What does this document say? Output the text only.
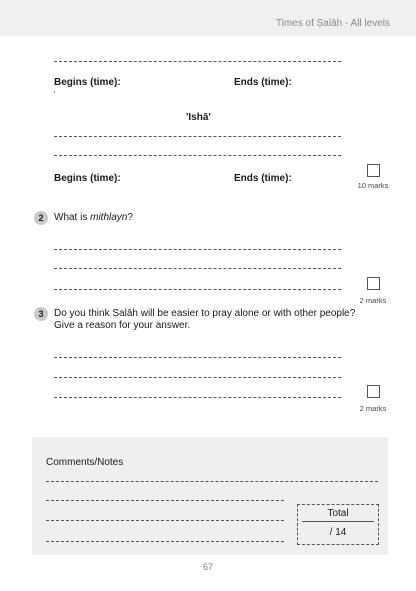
Times of Ṣalāh - All levels
Begins (time):	Ends (time):
'
'Ishā'
Begins (time):	Ends (time):
10 marks
2	What is mithlayn?
2 marks
3	Do you think Ṣalāh will be easier to pray alone or with other people?
Give a reason for your answer.
2 marks
Comments/Notes
Total
/ 14
67
